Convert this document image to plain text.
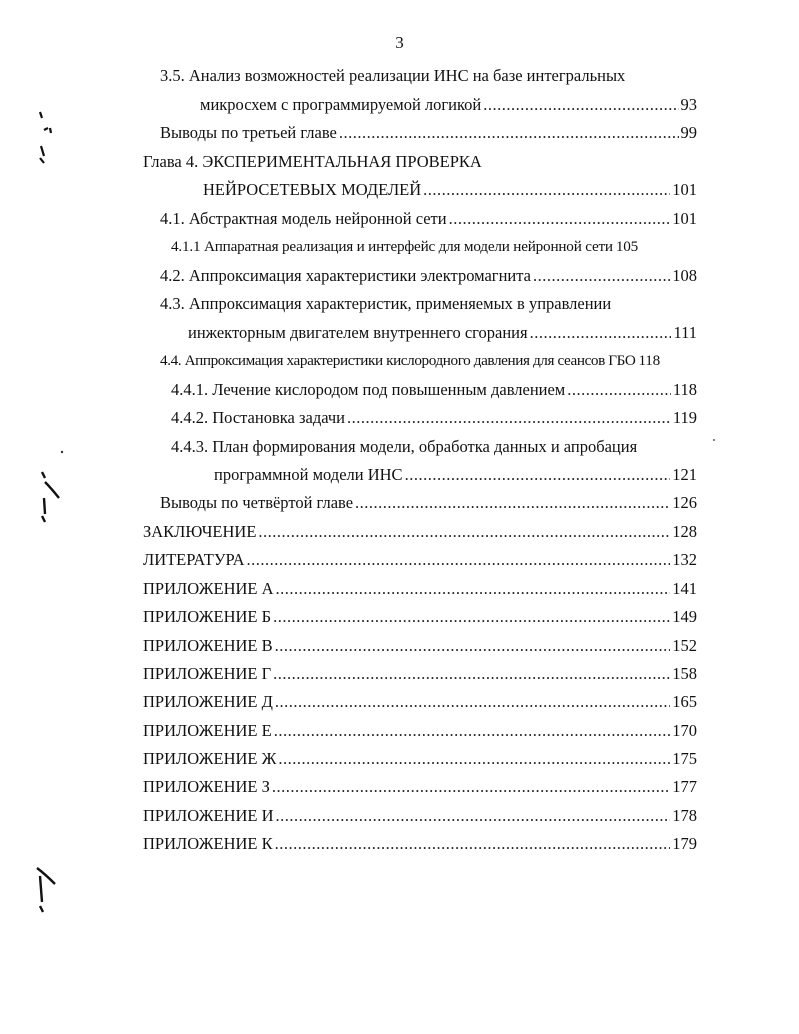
3
3.5. Анализ возможностей реализации ИНС на базе интегральных
микросхем с программируемой логикой .....	93
Выводы по третьей главе .....	99
Глава 4. ЭКСПЕРИМЕНТАЛЬНАЯ ПРОВЕРКА
НЕЙРОСЕТЕВЫХ МОДЕЛЕЙ .....	101
4.1. Абстрактная модель нейронной сети .....	101
4.1.1 Аппаратная реализация и интерфейс для модели нейронной сети 105
4.2. Аппроксимация характеристики электромагнита .....	108
4.3. Аппроксимация характеристик, применяемых в управлении
инжекторным двигателем внутреннего сгорания .....	111
4.4. Аппроксимация характеристики кислородного давления для сеансов ГБО 118
4.4.1. Лечение кислородом под повышенным давлением .....	118
4.4.2. Постановка задачи .....	119
4.4.3. План формирования модели, обработка данных и апробация
программной модели ИНС .....	121
Выводы по четвёртой главе .....	126
ЗАКЛЮЧЕНИЕ .....	128
ЛИТЕРАТУРА .....	132
ПРИЛОЖЕНИЕ А .....	141
ПРИЛОЖЕНИЕ Б .....	149
ПРИЛОЖЕНИЕ В .....	152
ПРИЛОЖЕНИЕ Г .....	158
ПРИЛОЖЕНИЕ Д .....	165
ПРИЛОЖЕНИЕ Е .....	170
ПРИЛОЖЕНИЕ Ж .....	175
ПРИЛОЖЕНИЕ З .....	177
ПРИЛОЖЕНИЕ И .....	178
ПРИЛОЖЕНИЕ К .....	179
